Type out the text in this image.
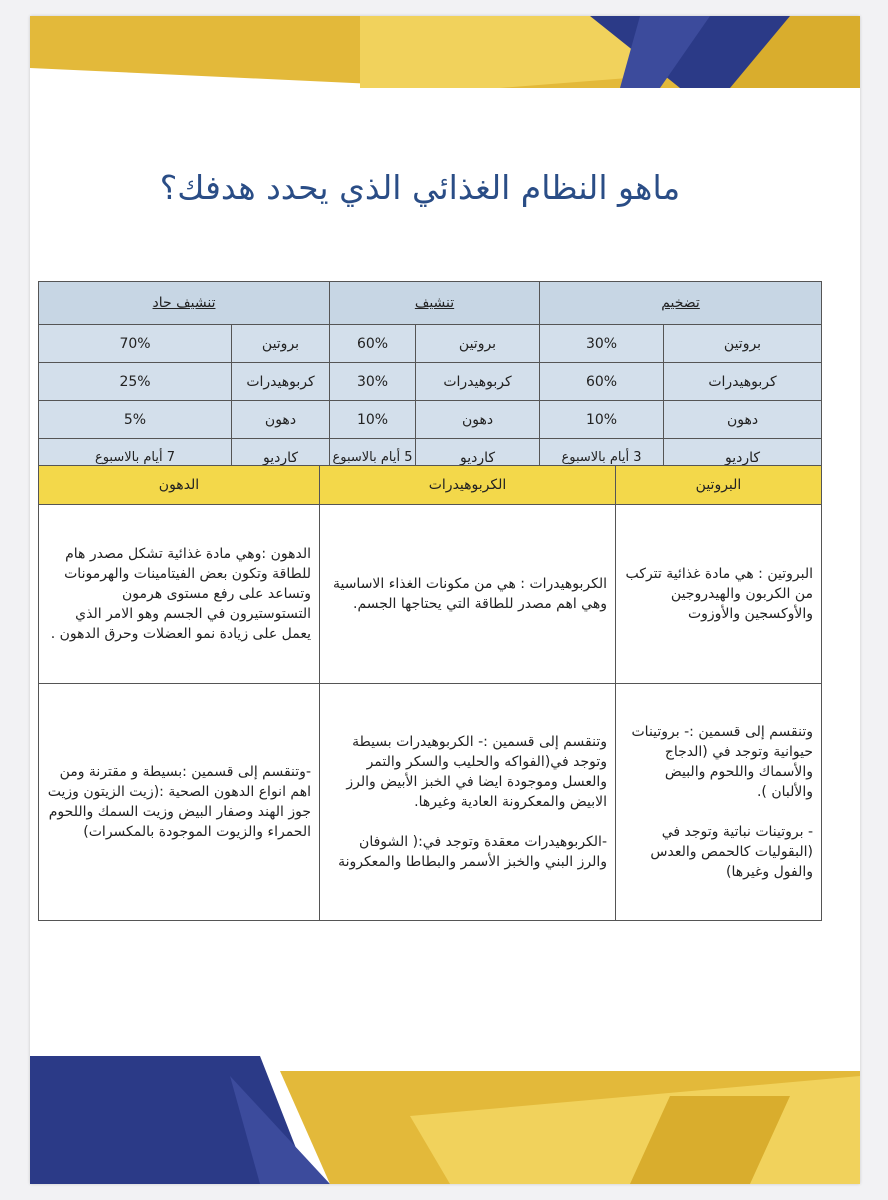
75
ماهو النظام الغذائي الذي يحدد هدفك؟
تضخيم		تنشيف		تنشيف حاد	
بروتين	30%	بروتين	60%	بروتين	70%
كربوهيدرات	60%	كربوهيدرات	30%	كربوهيدرات	25%
دهون	10%	دهون	10%	دهون	5%
كارديو	3 أيام بالاسبوع	كارديو	5 أيام بالاسبوع	كارديو	7 أيام بالاسبوع
البروتين	الكربوهيدرات	الدهون
البروتين : هي مادة غذائية تتركب من الكربون والهيدروجين والأوكسجين والأوزوت	الكربوهيدرات : هي من مكونات الغذاء الاساسية وهي اهم مصدر للطاقة التي يحتاجها الجسم.	الدهون :وهي مادة غذائية تشكل مصدر هام للطاقة وتكون بعض الفيتامينات والهرمونات وتساعد على رفع مستوى هرمون التستوستيرون في الجسم وهو الامر الذي يعمل على زيادة نمو العضلات وحرق الدهون .
وتنقسم إلى قسمين :- بروتينات حيوانية وتوجد في (الدجاج والأسماك واللحوم والبيض والألبان ).

- بروتينات نباتية وتوجد في (البقوليات كالحمص والعدس والفول وغيرها)	وتنقسم إلى قسمين :- الكربوهيدرات بسيطة وتوجد في(الفواكه والحليب والسكر والتمر والعسل وموجودة ايضا في الخبز الأبيض والرز الابيض والمعكرونة العادية وغيرها.

-الكربوهيدرات معقدة وتوجد في:( الشوفان والرز البني والخبز الأسمر والبطاطا والمعكرونة	-وتنقسم إلى قسمين :بسيطة و مقترنة ومن اهم انواع الدهون الصحية :(زيت الزيتون وزيت جوز الهند وصفار البيض وزيت السمك واللحوم الحمراء والزيوت الموجودة بالمكسرات)
